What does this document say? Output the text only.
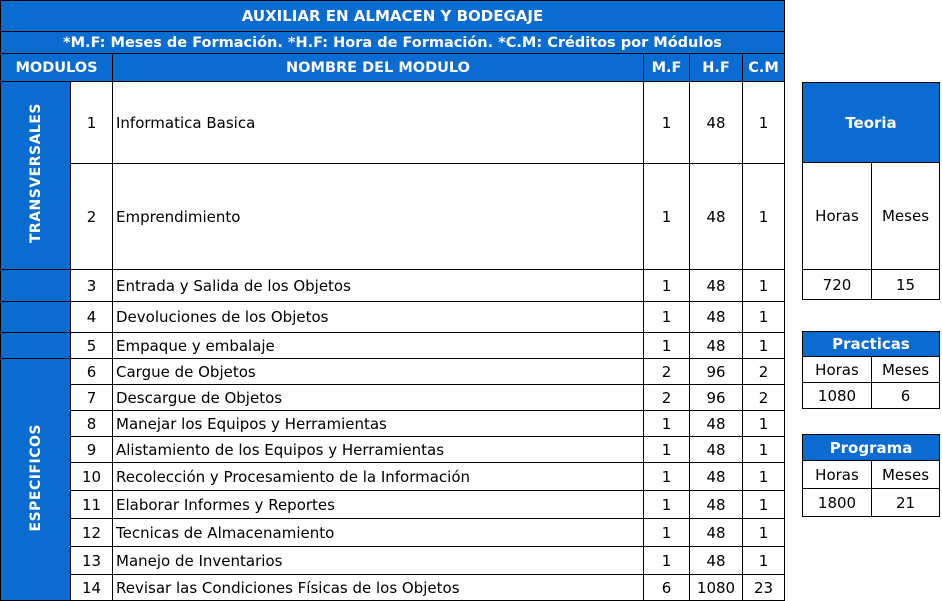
AUXILIAR EN ALMACEN Y BODEGAJE					
*M.F: Meses de Formación. *H.F: Hora de Formación. *C.M: Créditos por Módulos					
MODULOS		NOMBRE DEL MODULO	M.F	H.F	C.M
TRANSVERSALES	1	Informatica Basica	1	48	1
	2	Emprendimiento	1	48	1
	3	Entrada y Salida de los Objetos	1	48	1
	4	Devoluciones de los Objetos	1	48	1
	5	Empaque y embalaje	1	48	1
ESPECIFICOS	6	Cargue de Objetos	2	96	2
	7	Descargue de Objetos	2	96	2
	8	Manejar los Equipos y Herramientas	1	48	1
	9	Alistamiento de los Equipos y Herramientas	1	48	1
	10	Recolección y Procesamiento de la Información	1	48	1
	11	Elaborar Informes y Reportes	1	48	1
	12	Tecnicas de Almacenamiento	1	48	1
	13	Manejo de Inventarios	1	48	1
	14	Revisar las Condiciones Físicas de los Objetos	6	1080	23
Teoria	
Horas	Meses
720	15
Practicas	
Horas	Meses
1080	6
Programa	
Horas	Meses
1800	21
